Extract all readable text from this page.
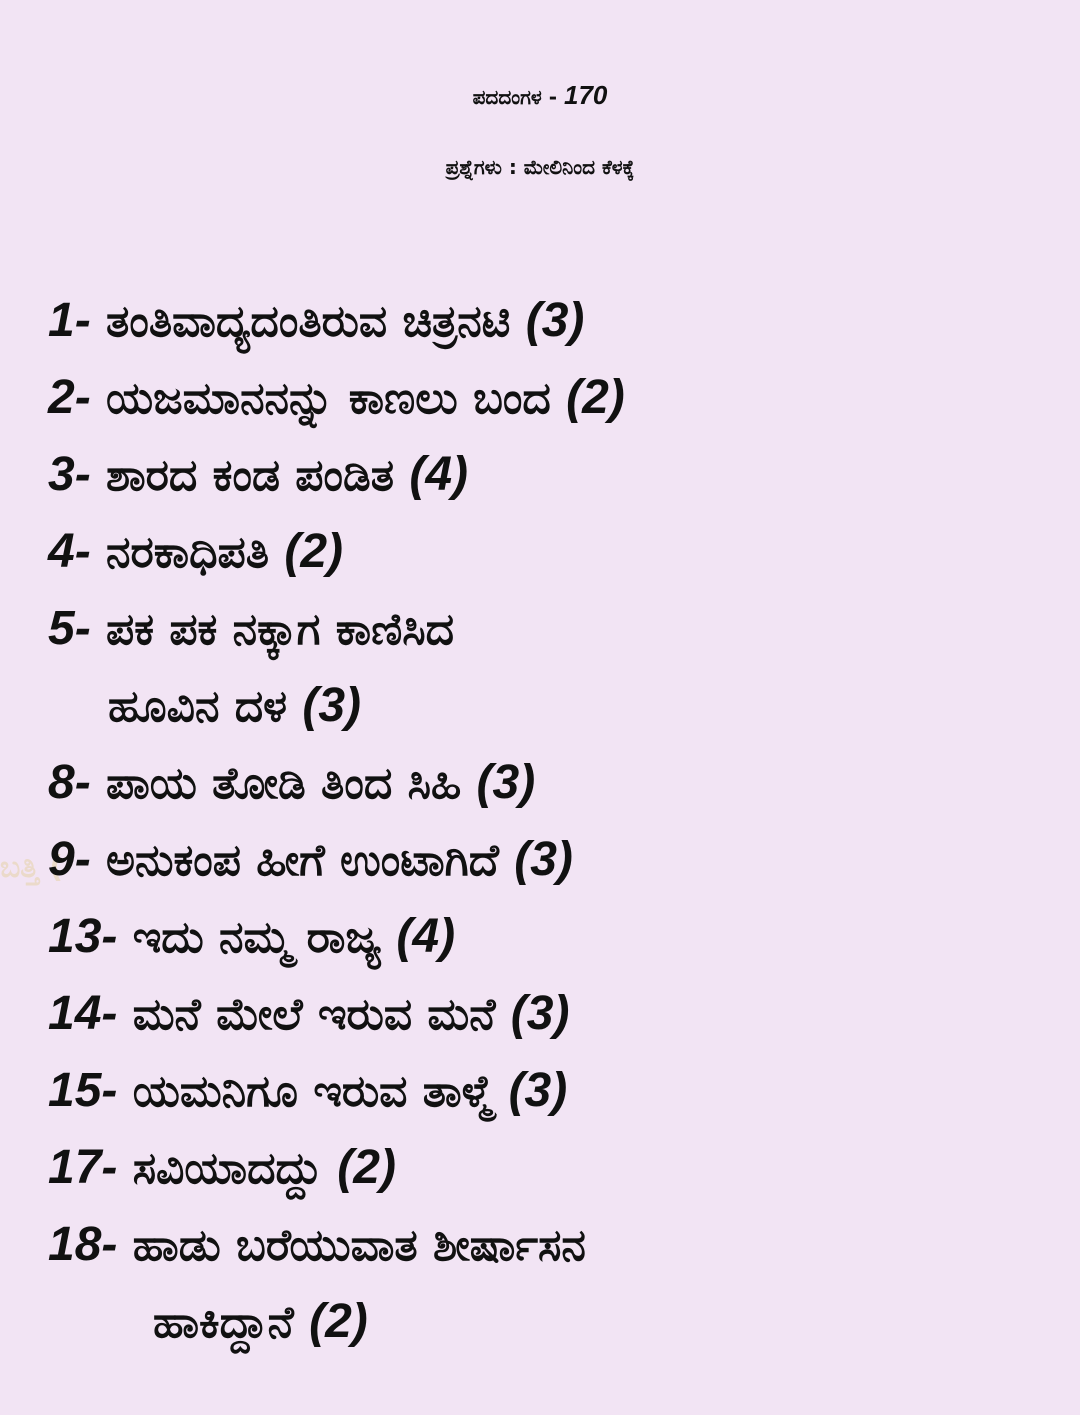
ಬತ್ತಿ (
ಪದದಂಗಳ - 170
ಪ್ರಶ್ನೆಗಳು : ಮೇಲಿನಿಂದ ಕೆಳಕ್ಕೆ
1- ತಂತಿವಾದ್ಯದಂತಿರುವ ಚಿತ್ರನಟಿ (3)
2- ಯಜಮಾನನನ್ನು ಕಾಣಲು ಬಂದ (2)
3- ಶಾರದ ಕಂಡ ಪಂಡಿತ (4)
4- ನರಕಾಧಿಪತಿ (2)
5- ಪಕ ಪಕ ನಕ್ಕಾಗ ಕಾಣಿಸಿದ
ಹೂವಿನ ದಳ (3)
8- ಪಾಯ ತೋಡಿ ತಿಂದ ಸಿಹಿ (3)
9- ಅನುಕಂಪ ಹೀಗೆ ಉಂಟಾಗಿದೆ (3)
13- ಇದು ನಮ್ಮ ರಾಜ್ಯ (4)
14- ಮನೆ ಮೇಲೆ ಇರುವ ಮನೆ (3)
15- ಯಮನಿಗೂ ಇರುವ ತಾಳ್ಮೆ (3)
17- ಸವಿಯಾದದ್ದು (2)
18- ಹಾಡು ಬರೆಯುವಾತ ಶೀರ್ಷಾಸನ
ಹಾಕಿದ್ದಾನೆ (2)
